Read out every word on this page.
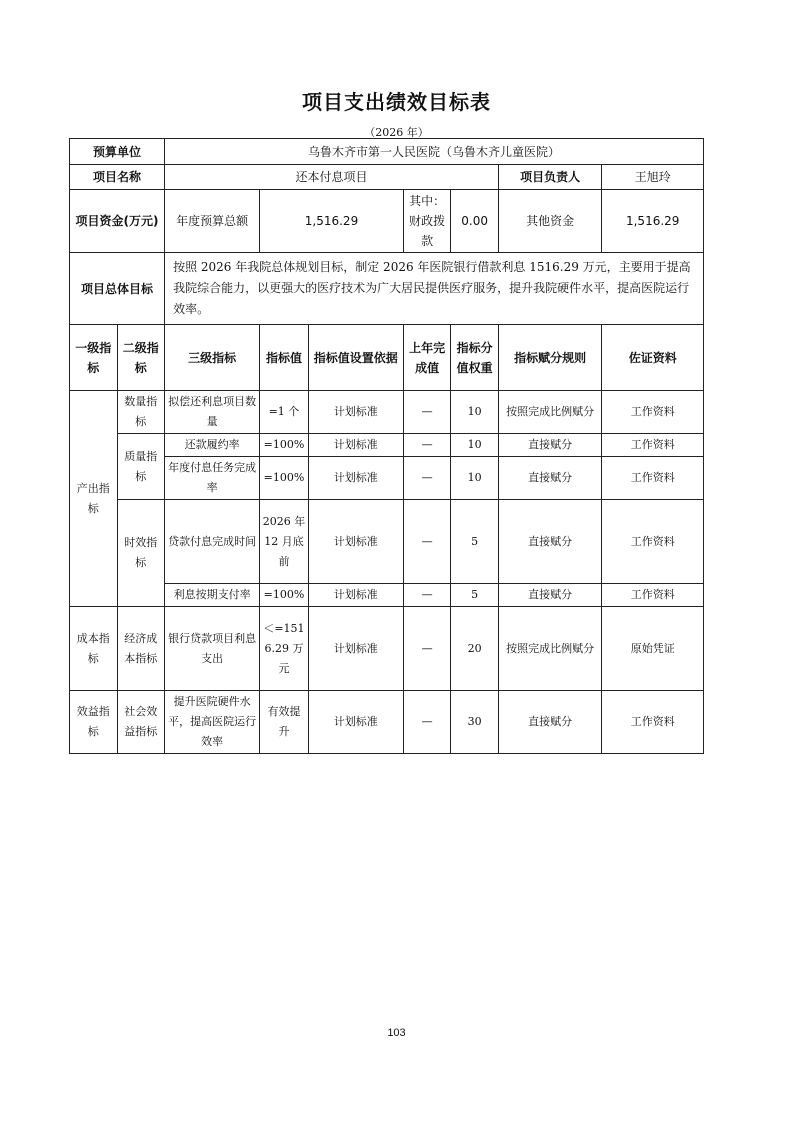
项目支出绩效目标表
（2026 年）
预算单位		乌鲁木齐市第一人民医院（乌鲁木齐儿童医院）						
项目名称		还本付息项目					项目负责人	王旭玲
项目资金(万元)		年度预算总额	1,516.29		其中：财政拨款	0.00	其他资金	1,516.29
项目总体目标		按照 2026 年我院总体规划目标，制定 2026 年医院银行借款利息 1516.29 万元，主要用于提高我院综合能力，以更强大的医疗技术为广大居民提供医疗服务，提升我院硬件水平，提高医院运行效率。						
一级指标	二级指标	三级指标	指标值	指标值设置依据	上年完成值	指标分值权重	指标赋分规则	佐证资料
产出指标	数量指标	拟偿还利息项目数量	=1 个	计划标准	—	10	按照完成比例赋分	工作资料
	质量指标	还款履约率	=100%	计划标准	—	10	直接赋分	工作资料
		年度付息任务完成率	=100%	计划标准	—	10	直接赋分	工作资料
	时效指标	贷款付息完成时间	2026 年 12 月底前	计划标准	—	5	直接赋分	工作资料
		利息按期支付率	=100%	计划标准	—	5	直接赋分	工作资料
成本指标	经济成本指标	银行贷款项目利息支出	＜=1516.29 万元	计划标准	—	20	按照完成比例赋分	原始凭证
效益指标	社会效益指标	提升医院硬件水平，提高医院运行效率	有效提升	计划标准	—	30	直接赋分	工作资料
103
